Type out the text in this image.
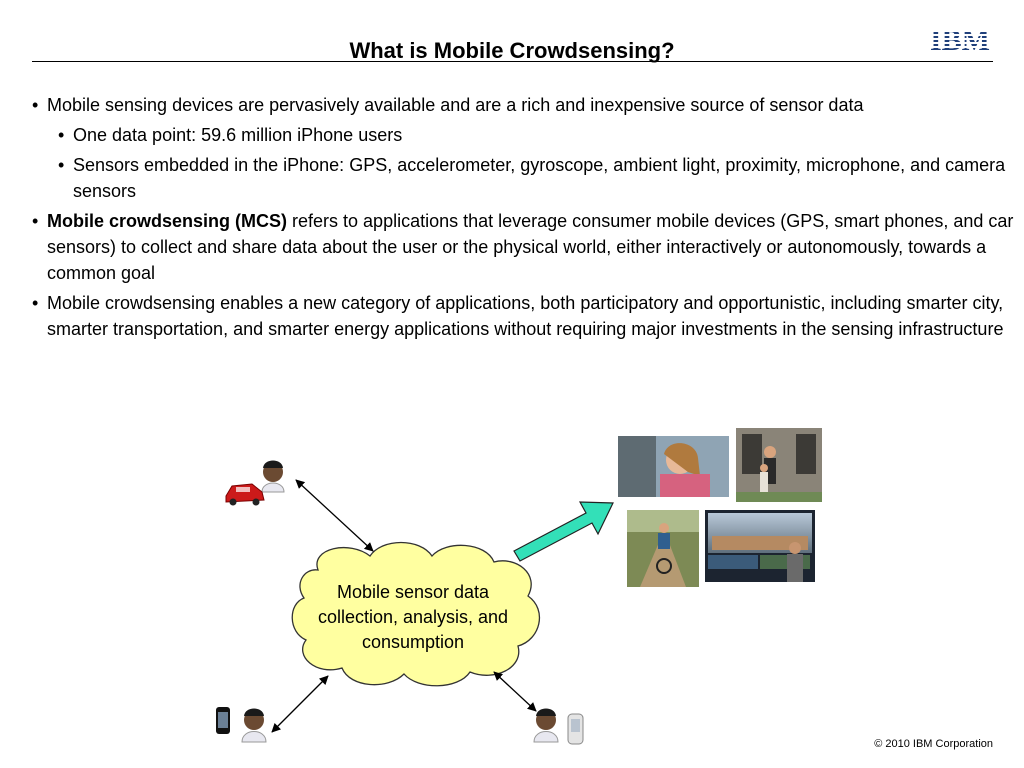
What is Mobile Crowdsensing?	IBM
• Mobile sensing devices are pervasively available and are a rich and inexpensive source of sensor data
• One data point: 59.6 million iPhone users
• Sensors embedded in the iPhone: GPS, accelerometer, gyroscope, ambient light, proximity, microphone, and camera sensors
• Mobile crowdsensing (MCS) refers to applications that leverage consumer mobile devices (GPS, smart phones, and car sensors) to collect and share data about the user or the physical world, either interactively or autonomously, towards a common goal
• Mobile crowdsensing enables a new category of applications, both participatory and opportunistic, including smarter city, smarter transportation, and smarter energy applications without requiring major investments in the sensing infrastructure
Mobile sensor data collection, analysis, and consumption
© 2010 IBM Corporation
